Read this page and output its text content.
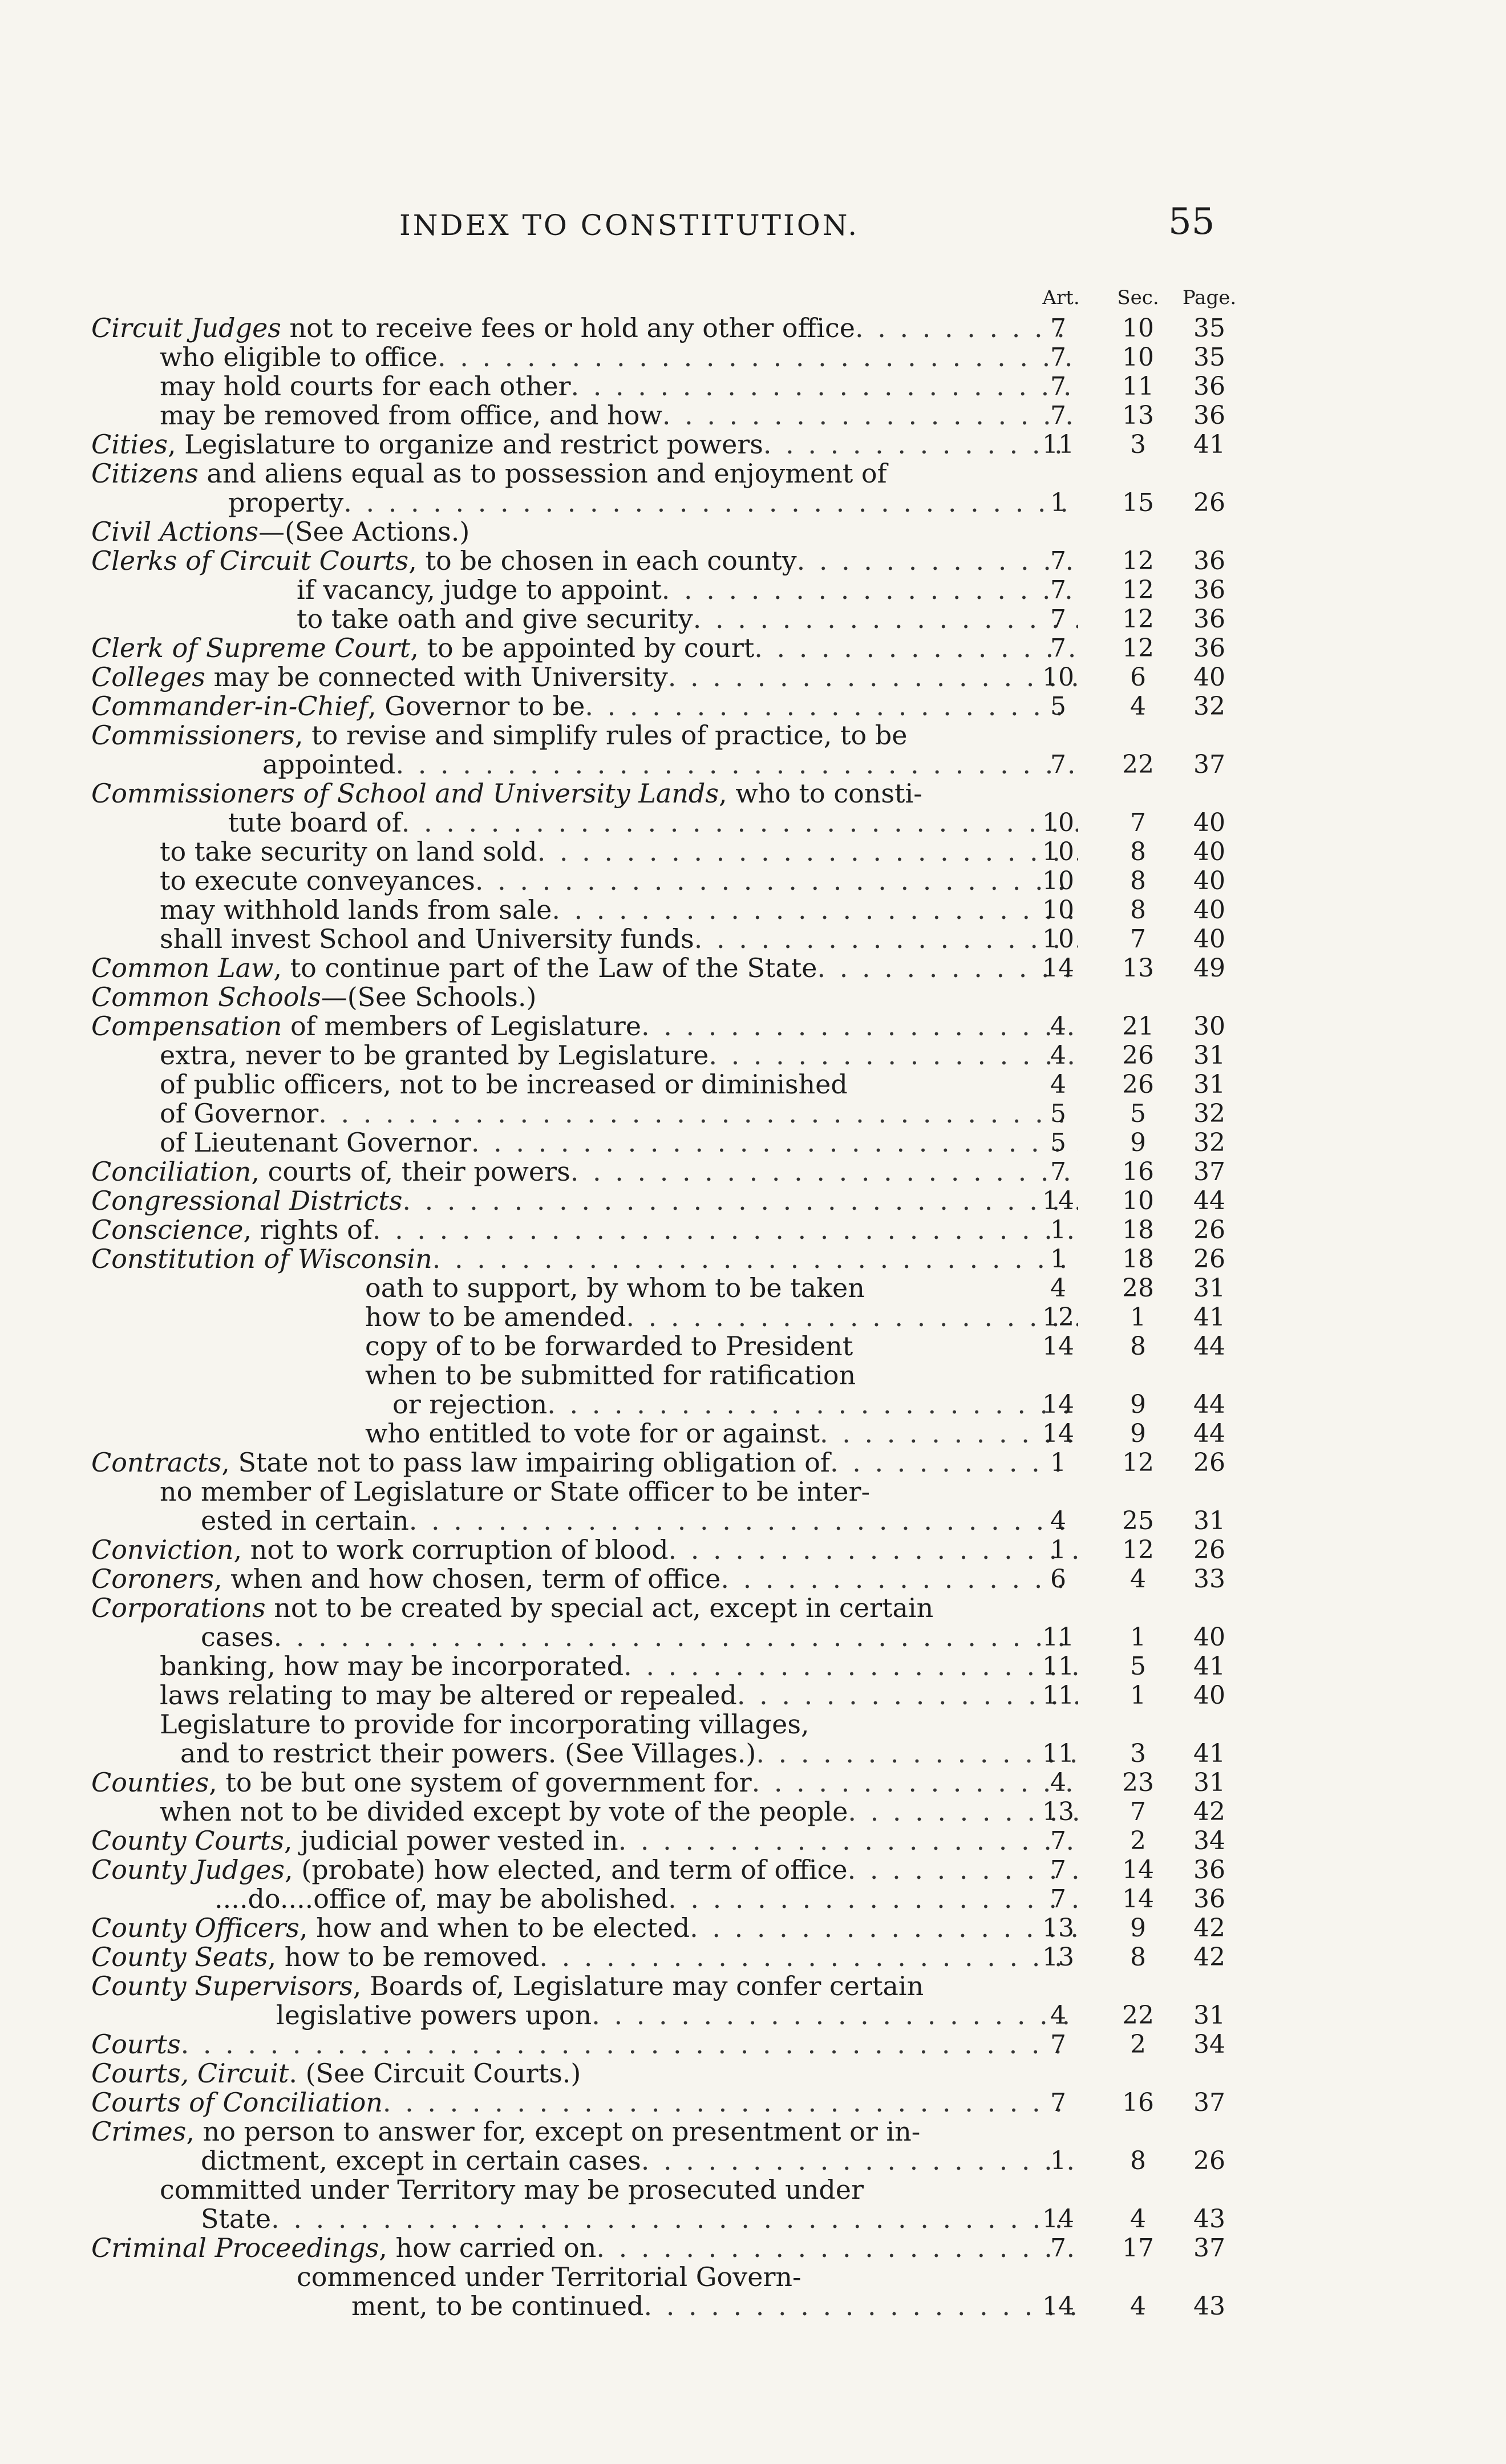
INDEX TO CONSTITUTION.	55
Art.	Sec.	Page.
Circuit Judges not to receive fees or hold any other office . . .	7	10	35
who eligible to office . . .	7	10	35
may hold courts for each other . . .	7	11	36
may be removed from office, and how . . .	7	13	36
Cities, Legislature to organize and restrict powers . . .	11	3	41
Citizens and aliens equal as to possession and enjoyment of
property . . .	1	15	26
Civil Actions—(See Actions.)
Clerks of Circuit Courts, to be chosen in each county . . .	7	12	36
if vacancy, judge to appoint . . .	7	12	36
to take oath and give security . . .	7	12	36
Clerk of Supreme Court, to be appointed by court . . .	7	12	36
Colleges may be connected with University . . .	10	6	40
Commander-in-Chief, Governor to be . . .	5	4	32
Commissioners, to revise and simplify rules of practice, to be
appointed . . .	7	22	37
Commissioners of School and University Lands, who to consti-
tute board of . . .	10	7	40
to take security on land sold . . .	10	8	40
to execute conveyances . . .	10	8	40
may withhold lands from sale . . .	10	8	40
shall invest School and University funds . . .	10	7	40
Common Law, to continue part of the Law of the State . . .	14	13	49
Common Schools—(See Schools.)
Compensation of members of Legislature . . .	4	21	30
extra, never to be granted by Legislature . . .	4	26	31
of public officers, not to be increased or diminished	4	26	31
of Governor . . .	5	5	32
of Lieutenant Governor . . .	5	9	32
Conciliation, courts of, their powers . . .	7	16	37
Congressional Districts . . .	14	10	44
Conscience, rights of . . .	1	18	26
Constitution of Wisconsin . . .	1	18	26
oath to support, by whom to be taken	4	28	31
how to be amended . . .	12	1	41
copy of to be forwarded to President	14	8	44
when to be submitted for ratification
or rejection . . .	14	9	44
who entitled to vote for or against . . .	14	9	44
Contracts, State not to pass law impairing obligation of . . .	1	12	26
no member of Legislature or State officer to be inter-
ested in certain . . .	4	25	31
Conviction, not to work corruption of blood . . .	1	12	26
Coroners, when and how chosen, term of office . . .	6	4	33
Corporations not to be created by special act, except in certain
cases . . .	11	1	40
banking, how may be incorporated . . .	11	5	41
laws relating to may be altered or repealed . . .	11	1	40
Legislature to provide for incorporating villages,
and to restrict their powers. (See Villages.) . . .	11	3	41
Counties, to be but one system of government for . . .	4	23	31
when not to be divided except by vote of the people . . .	13	7	42
County Courts, judicial power vested in . . .	7	2	34
County Judges, (probate) how elected, and term of office . . .	7	14	36
....do....office of, may be abolished . . .	7	14	36
County Officers, how and when to be elected . . .	13	9	42
County Seats, how to be removed . . .	13	8	42
County Supervisors, Boards of, Legislature may confer certain
legislative powers upon . . .	4	22	31
Courts . . .	7	2	34
Courts, Circuit. (See Circuit Courts.)
Courts of Conciliation . . .	7	16	37
Crimes, no person to answer for, except on presentment or in-
dictment, except in certain cases . . .	1	8	26
committed under Territory may be prosecuted under
State . . .	14	4	43
Criminal Proceedings, how carried on . . .	7	17	37
commenced under Territorial Govern-
ment, to be continued . . .	14	4	43
